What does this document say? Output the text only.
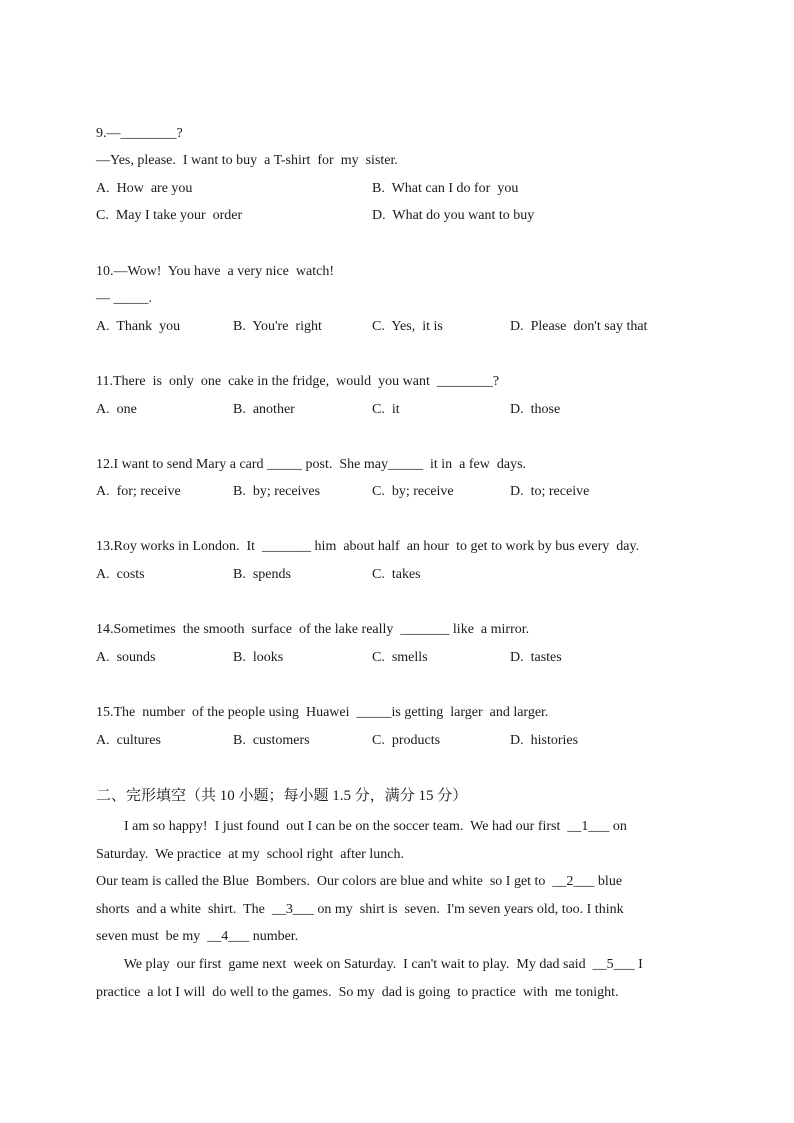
9.—________?
—Yes, please.  I want to buy  a T-shirt  for  my  sister.
A.  How  are you	B.  What can I do for  you
C.  May I take your  order	D.  What do you want to buy
10.—Wow!  You have  a very nice  watch!
— _____.
A.  Thank  you	B.  You're  right	C.  Yes,  it is	D.  Please  don't say that
11.There  is  only  one  cake in the fridge,  would  you want  ________?
A.  one	B.  another	C.  it	D.  those
12.I want to send Mary a card _____ post.  She may_____  it in  a few  days.
A.  for; receive	B.  by; receives	C.  by; receive	D.  to; receive
13.Roy works in London.  It  _______ him  about half  an hour  to get to work by bus every  day.
A.  costs	B.  spends	C.  takes
14.Sometimes  the smooth  surface  of the lake really  _______ like  a mirror.
A.  sounds	B.  looks	C.  smells	D.  tastes
15.The  number  of the people using  Huawei  _____is getting  larger  and larger.
A.  cultures	B.  customers	C.  products	D.  histories
二、完形填空（共 10 小题；每小题 1.5 分，满分 15 分）
I am so happy!  I just found  out I can be on the soccer team.  We had our first  __1___ on
Saturday.  We practice  at my  school right  after lunch.
Our team is called the Blue  Bombers.  Our colors are blue and white  so I get to  __2___ blue
shorts  and a white  shirt.  The  __3___ on my  shirt is  seven.  I'm seven years old, too. I think
seven must  be my  __4___ number.
We play  our first  game next  week on Saturday.  I can't wait to play.  My dad said  __5___ I
practice  a lot I will  do well to the games.  So my  dad is going  to practice  with  me tonight.
